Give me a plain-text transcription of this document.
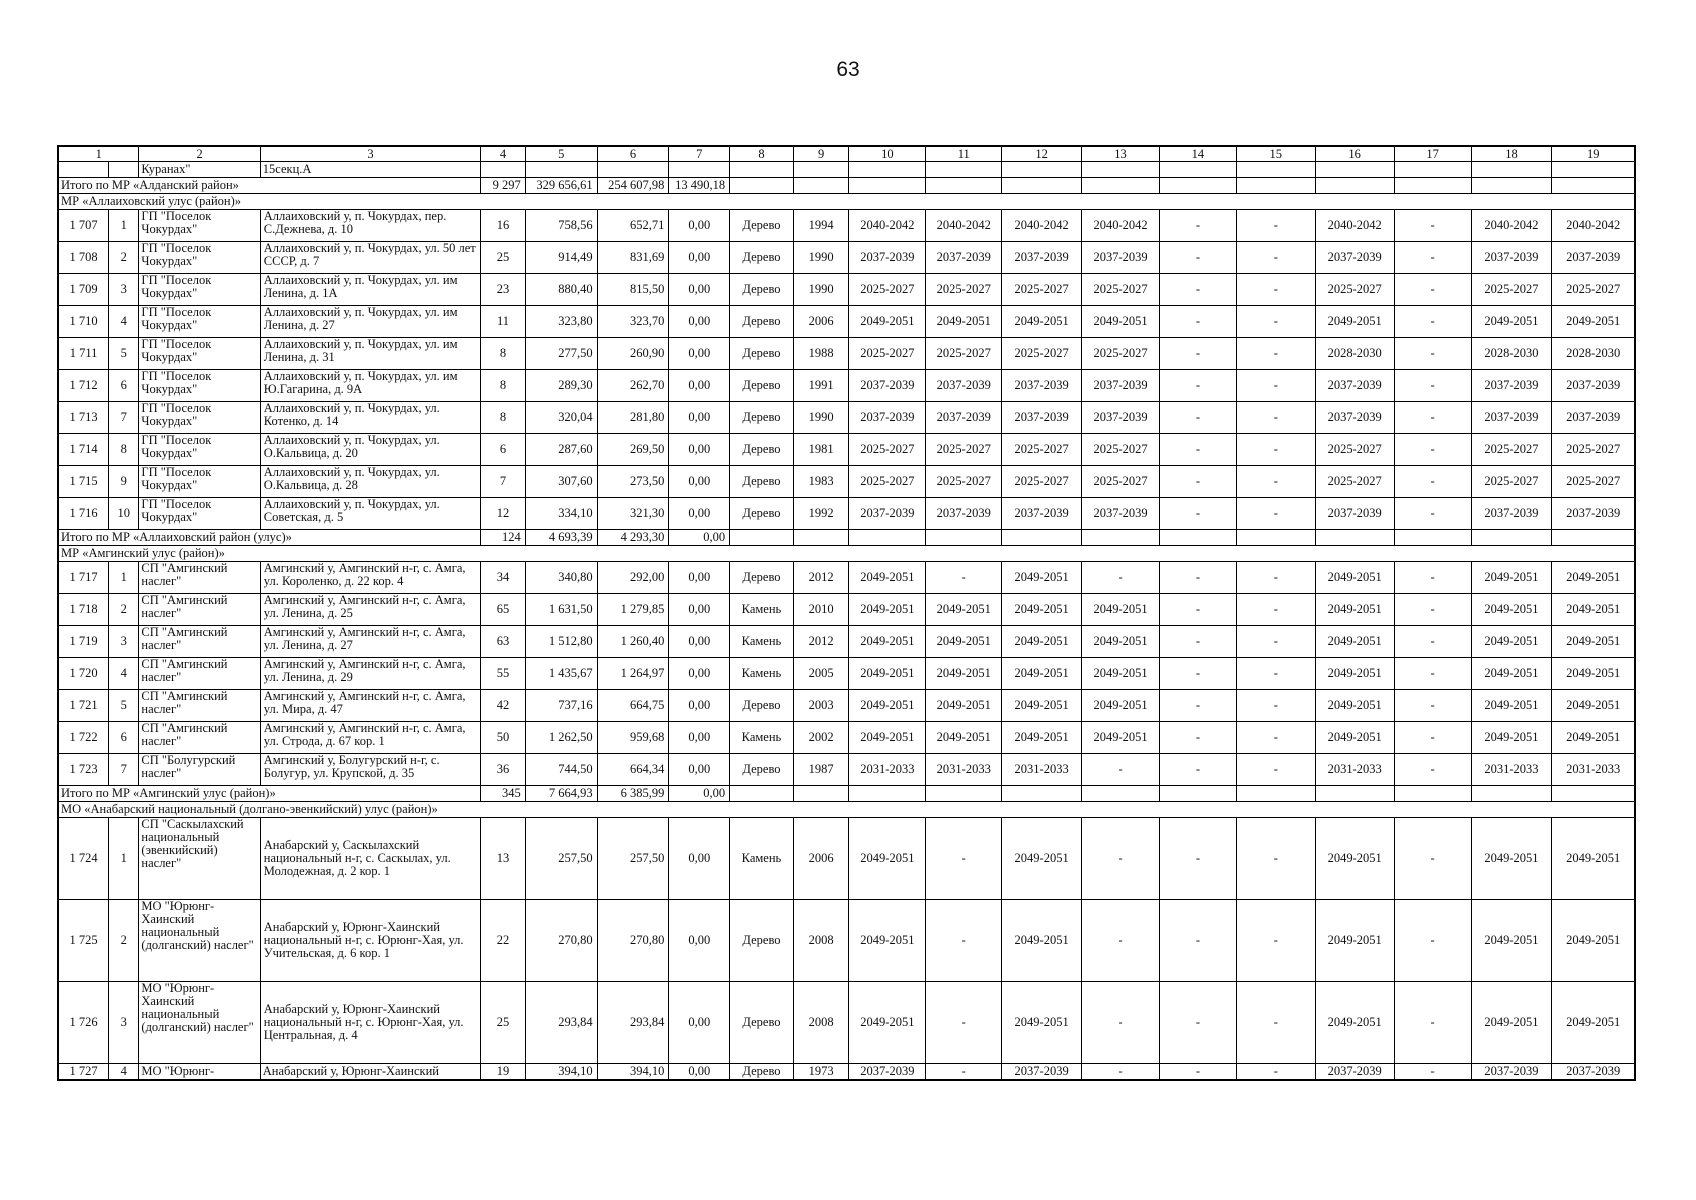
63
1		2	3	4	5	6	7	8	9	10	11	12	13	14	15	16	17	18	19
		Куранах"	15секц.А																
Итого по МР «Алданский район»				9 297	329 656,61	254 607,98	13 490,18												
МР «Аллаиховский улус (район)»																			
1 707	1	ГП "Поселок Чокурдах"	Аллаиховский у, п. Чокурдах, пер. С.Дежнева, д. 10	16	758,56	652,71	0,00	Дерево	1994	2040-2042	2040-2042	2040-2042	2040-2042	-	-	2040-2042	-	2040-2042	2040-2042
1 708	2	ГП "Поселок Чокурдах"	Аллаиховский у, п. Чокурдах, ул. 50 лет СССР, д. 7	25	914,49	831,69	0,00	Дерево	1990	2037-2039	2037-2039	2037-2039	2037-2039	-	-	2037-2039	-	2037-2039	2037-2039
1 709	3	ГП "Поселок Чокурдах"	Аллаиховский у, п. Чокурдах, ул. им Ленина, д. 1А	23	880,40	815,50	0,00	Дерево	1990	2025-2027	2025-2027	2025-2027	2025-2027	-	-	2025-2027	-	2025-2027	2025-2027
1 710	4	ГП "Поселок Чокурдах"	Аллаиховский у, п. Чокурдах, ул. им Ленина, д. 27	11	323,80	323,70	0,00	Дерево	2006	2049-2051	2049-2051	2049-2051	2049-2051	-	-	2049-2051	-	2049-2051	2049-2051
1 711	5	ГП "Поселок Чокурдах"	Аллаиховский у, п. Чокурдах, ул. им Ленина, д. 31	8	277,50	260,90	0,00	Дерево	1988	2025-2027	2025-2027	2025-2027	2025-2027	-	-	2028-2030	-	2028-2030	2028-2030
1 712	6	ГП "Поселок Чокурдах"	Аллаиховский у, п. Чокурдах, ул. им Ю.Гагарина, д. 9А	8	289,30	262,70	0,00	Дерево	1991	2037-2039	2037-2039	2037-2039	2037-2039	-	-	2037-2039	-	2037-2039	2037-2039
1 713	7	ГП "Поселок Чокурдах"	Аллаиховский у, п. Чокурдах, ул. Котенко, д. 14	8	320,04	281,80	0,00	Дерево	1990	2037-2039	2037-2039	2037-2039	2037-2039	-	-	2037-2039	-	2037-2039	2037-2039
1 714	8	ГП "Поселок Чокурдах"	Аллаиховский у, п. Чокурдах, ул. О.Кальвица, д. 20	6	287,60	269,50	0,00	Дерево	1981	2025-2027	2025-2027	2025-2027	2025-2027	-	-	2025-2027	-	2025-2027	2025-2027
1 715	9	ГП "Поселок Чокурдах"	Аллаиховский у, п. Чокурдах, ул. О.Кальвица, д. 28	7	307,60	273,50	0,00	Дерево	1983	2025-2027	2025-2027	2025-2027	2025-2027	-	-	2025-2027	-	2025-2027	2025-2027
1 716	10	ГП "Поселок Чокурдах"	Аллаиховский у, п. Чокурдах, ул. Советская, д. 5	12	334,10	321,30	0,00	Дерево	1992	2037-2039	2037-2039	2037-2039	2037-2039	-	-	2037-2039	-	2037-2039	2037-2039
Итого по МР «Аллаиховский район (улус)»				124	4 693,39	4 293,30	0,00												
МР «Амгинский улус (район)»																			
1 717	1	СП "Амгинский наслег"	Амгинский у, Амгинский н-г, с. Амга, ул. Короленко, д. 22 кор. 4	34	340,80	292,00	0,00	Дерево	2012	2049-2051	-	2049-2051	-	-	-	2049-2051	-	2049-2051	2049-2051
1 718	2	СП "Амгинский наслег"	Амгинский у, Амгинский н-г, с. Амга, ул. Ленина, д. 25	65	1 631,50	1 279,85	0,00	Камень	2010	2049-2051	2049-2051	2049-2051	2049-2051	-	-	2049-2051	-	2049-2051	2049-2051
1 719	3	СП "Амгинский наслег"	Амгинский у, Амгинский н-г, с. Амга, ул. Ленина, д. 27	63	1 512,80	1 260,40	0,00	Камень	2012	2049-2051	2049-2051	2049-2051	2049-2051	-	-	2049-2051	-	2049-2051	2049-2051
1 720	4	СП "Амгинский наслег"	Амгинский у, Амгинский н-г, с. Амга, ул. Ленина, д. 29	55	1 435,67	1 264,97	0,00	Камень	2005	2049-2051	2049-2051	2049-2051	2049-2051	-	-	2049-2051	-	2049-2051	2049-2051
1 721	5	СП "Амгинский наслег"	Амгинский у, Амгинский н-г, с. Амга, ул. Мира, д. 47	42	737,16	664,75	0,00	Дерево	2003	2049-2051	2049-2051	2049-2051	2049-2051	-	-	2049-2051	-	2049-2051	2049-2051
1 722	6	СП "Амгинский наслег"	Амгинский у, Амгинский н-г, с. Амга, ул. Строда, д. 67 кор. 1	50	1 262,50	959,68	0,00	Камень	2002	2049-2051	2049-2051	2049-2051	2049-2051	-	-	2049-2051	-	2049-2051	2049-2051
1 723	7	СП "Болугурский наслег"	Амгинский у, Болугурский н-г, с. Болугур, ул. Крупской, д. 35	36	744,50	664,34	0,00	Дерево	1987	2031-2033	2031-2033	2031-2033	-	-	-	2031-2033	-	2031-2033	2031-2033
Итого по МР «Амгинский улус (район)»				345	7 664,93	6 385,99	0,00												
МО «Анабарский национальный (долгано-эвенкийский) улус (район)»																			
1 724	1	СП "Саскылахский национальный (эвенкийский) наслег"	Анабарский у, Саскылахский национальный н-г, с. Саскылах, ул. Молодежная, д. 2 кор. 1	13	257,50	257,50	0,00	Камень	2006	2049-2051	-	2049-2051	-	-	-	2049-2051	-	2049-2051	2049-2051
1 725	2	МО "Юрюнг-Хаинский национальный (долганский) наслег"	Анабарский у, Юрюнг-Хаинский национальный н-г, с. Юрюнг-Хая, ул. Учительская, д. 6 кор. 1	22	270,80	270,80	0,00	Дерево	2008	2049-2051	-	2049-2051	-	-	-	2049-2051	-	2049-2051	2049-2051
1 726	3	МО "Юрюнг-Хаинский национальный (долганский) наслег"	Анабарский у, Юрюнг-Хаинский национальный н-г, с. Юрюнг-Хая, ул. Центральная, д. 4	25	293,84	293,84	0,00	Дерево	2008	2049-2051	-	2049-2051	-	-	-	2049-2051	-	2049-2051	2049-2051
1 727	4	МО "Юрюнг-	Анабарский у, Юрюнг-Хаинский	19	394,10	394,10	0,00	Дерево	1973	2037-2039	-	2037-2039	-	-	-	2037-2039	-	2037-2039	2037-2039
